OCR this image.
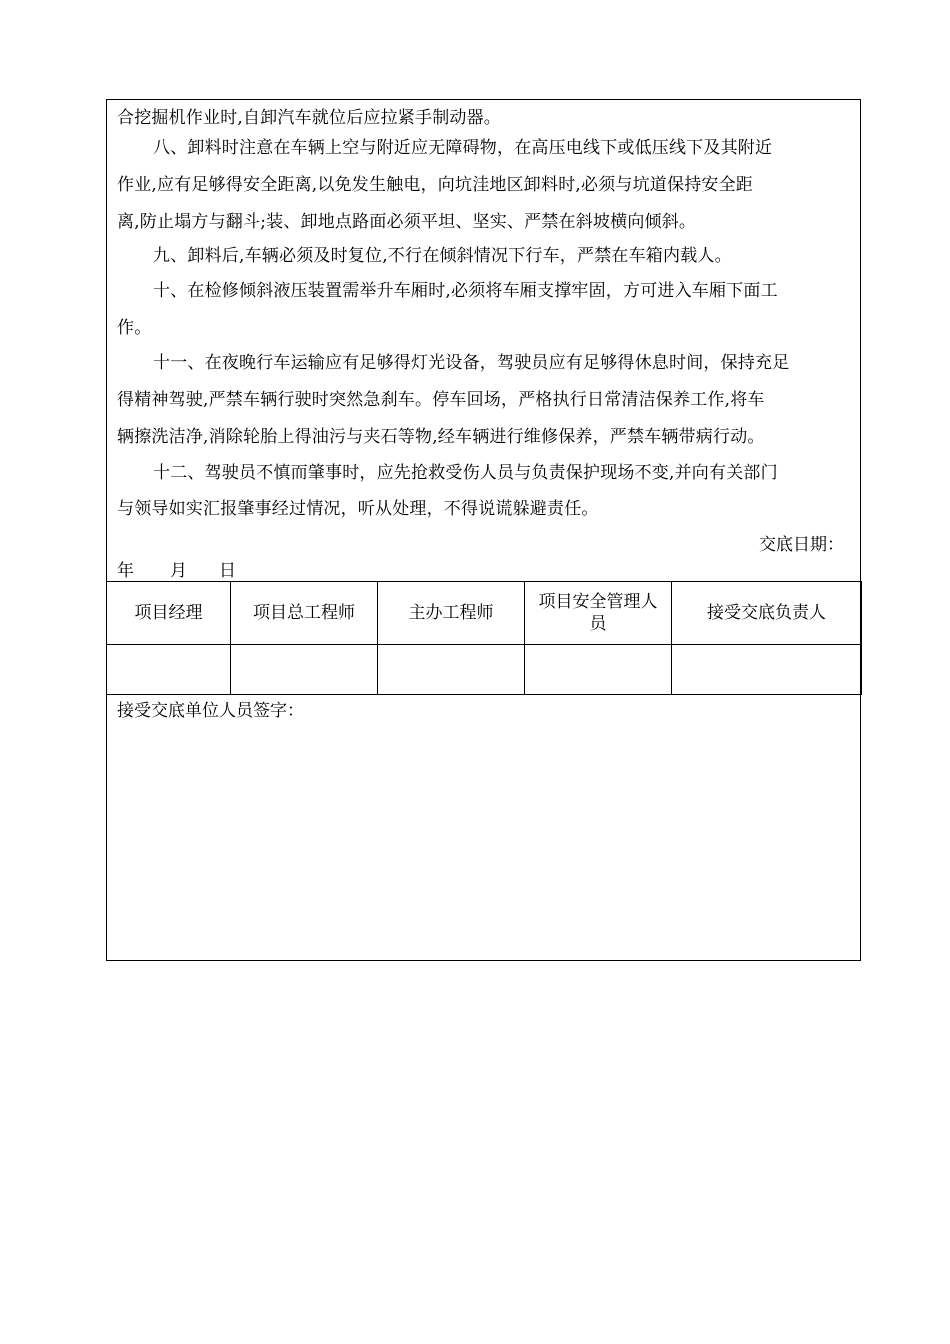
合挖掘机作业时,自卸汽车就位后应拉紧手制动器。

八、卸料时注意在车辆上空与附近应无障碍物，在高压电线下或低压线下及其附近

作业,应有足够得安全距离,以免发生触电，向坑洼地区卸料时,必须与坑道保持安全距
离,防止塌方与翻斗;装、卸地点路面必须平坦、坚实、严禁在斜坡横向倾斜。

九、卸料后,车辆必须及时复位,不行在倾斜情况下行车，严禁在车箱内载人。

十、在检修倾斜液压装置需举升车厢时,必须将车厢支撑牢固，方可进入车厢下面工

作。

十一、在夜晚行车运输应有足够得灯光设备，驾驶员应有足够得休息时间，保持充足

得精神驾驶,严禁车辆行驶时突然急刹车。停车回场，严格执行日常清洁保养工作,将车
辆擦洗洁净,消除轮胎上得油污与夹石等物,经车辆进行维修保养，严禁车辆带病行动。

十二、驾驶员不慎而肇事时，应先抢救受伤人员与负责保护现场不变,并向有关部门

与领导如实汇报肇事经过情况，听从处理，不得说谎躲避责任。

交底日期：
年 月 日
项目经理	项目总工程师	主办工程师	项目安全管理人员	接受交底负责人

接受交底单位人员签字：
